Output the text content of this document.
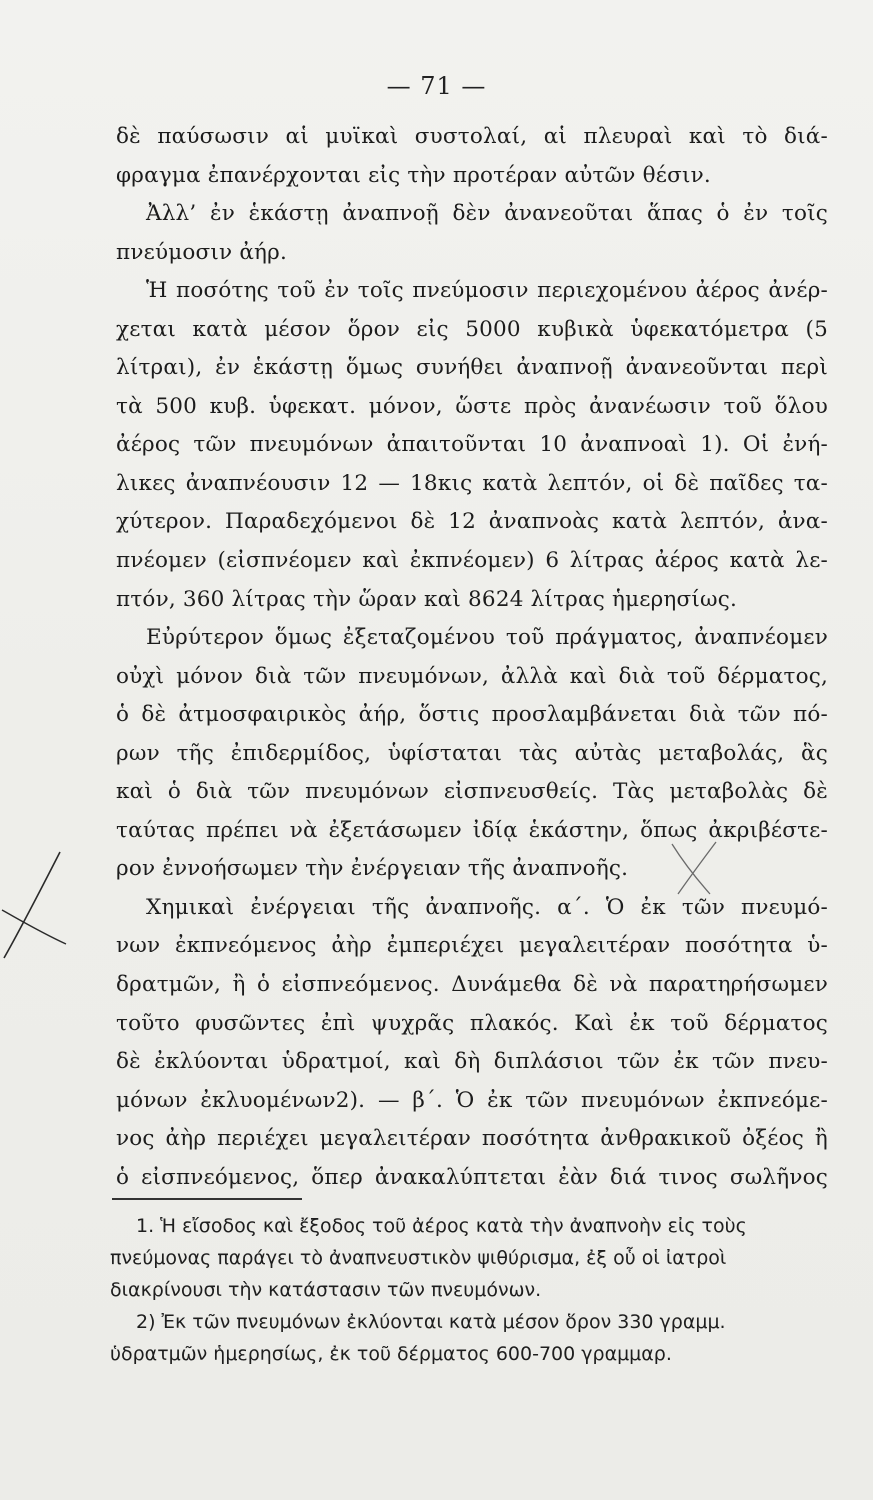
— 71 —
δὲ παύσωσιν αἱ μυϊκαὶ συστολαί, αἱ πλευραὶ καὶ τὸ διά-
φραγμα ἐπανέρχονται εἰς τὴν προτέραν αὐτῶν θέσιν.
Ἀλλ’ ἐν ἑκάστῃ ἀναπνοῇ δὲν ἀνανεοῦται ἅπας ὁ ἐν τοῖς
πνεύμοσιν ἀήρ.
Ἡ ποσότης τοῦ ἐν τοῖς πνεύμοσιν περιεχομένου ἀέρος ἀνέρ-
χεται κατὰ μέσον ὅρον εἰς 5000 κυβικὰ ὑφεκατόμετρα (5
λίτραι), ἐν ἑκάστῃ ὅμως συνήθει ἀναπνοῇ ἀνανεοῦνται περὶ
τὰ 500 κυβ. ὑφεκατ. μόνον, ὥστε πρὸς ἀνανέωσιν τοῦ ὅλου
ἀέρος τῶν πνευμόνων ἀπαιτοῦνται 10 ἀναπνοαὶ 1). Οἱ ἐνή-
λικες ἀναπνέουσιν 12 — 18κις κατὰ λεπτόν, οἱ δὲ παῖδες τα-
χύτερον. Παραδεχόμενοι δὲ 12 ἀναπνοὰς κατὰ λεπτόν, ἀνα-
πνέομεν (εἰσπνέομεν καὶ ἐκπνέομεν) 6 λίτρας ἀέρος κατὰ λε-
πτόν, 360 λίτρας τὴν ὥραν καὶ 8624 λίτρας ἡμερησίως.
Εὐρύτερον ὅμως ἐξεταζομένου τοῦ πράγματος, ἀναπνέομεν
οὐχὶ μόνον διὰ τῶν πνευμόνων, ἀλλὰ καὶ διὰ τοῦ δέρματος,
ὁ δὲ ἀτμοσφαιρικὸς ἀήρ, ὅστις προσλαμβάνεται διὰ τῶν πό-
ρων τῆς ἐπιδερμίδος, ὑφίσταται τὰς αὐτὰς μεταβολάς, ἃς
καὶ ὁ διὰ τῶν πνευμόνων εἰσπνευσθείς. Τὰς μεταβολὰς δὲ
ταύτας πρέπει νὰ ἐξετάσωμεν ἰδίᾳ ἑκάστην, ὅπως ἀκριβέστε-
ρον ἐννοήσωμεν τὴν ἐνέργειαν τῆς ἀναπνοῆς.
Χημικαὶ ἐνέργειαι τῆς ἀναπνοῆς. α΄. Ὁ ἐκ τῶν πνευμό-
νων ἐκπνεόμενος ἀὴρ ἐμπεριέχει μεγαλειτέραν ποσότητα ὑ-
δρατμῶν, ἢ ὁ εἰσπνεόμενος. Δυνάμεθα δὲ νὰ παρατηρήσωμεν
τοῦτο φυσῶντες ἐπὶ ψυχρᾶς πλακός. Καὶ ἐκ τοῦ δέρματος
δὲ ἐκλύονται ὑδρατμοί, καὶ δὴ διπλάσιοι τῶν ἐκ τῶν πνευ-
μόνων ἐκλυομένων2). — β΄. Ὁ ἐκ τῶν πνευμόνων ἐκπνεόμε-
νος ἀὴρ περιέχει μεγαλειτέραν ποσότητα ἀνθρακικοῦ ὀξέος ἢ
ὁ εἰσπνεόμενος, ὅπερ ἀνακαλύπτεται ἐὰν διά τινος σωλῆνος
1. Ἡ εἴσοδος καὶ ἔξοδος τοῦ ἀέρος κατὰ τὴν ἀναπνοὴν εἰς τοὺς
πνεύμονας παράγει τὸ ἀναπνευστικὸν ψιθύρισμα, ἐξ οὗ οἱ ἰατροὶ
διακρίνουσι τὴν κατάστασιν τῶν πνευμόνων.
2) Ἐκ τῶν πνευμόνων ἐκλύονται κατὰ μέσον ὅρον 330 γραμμ.
ὑδρατμῶν ἡμερησίως, ἐκ τοῦ δέρματος 600-700 γραμμαρ.
